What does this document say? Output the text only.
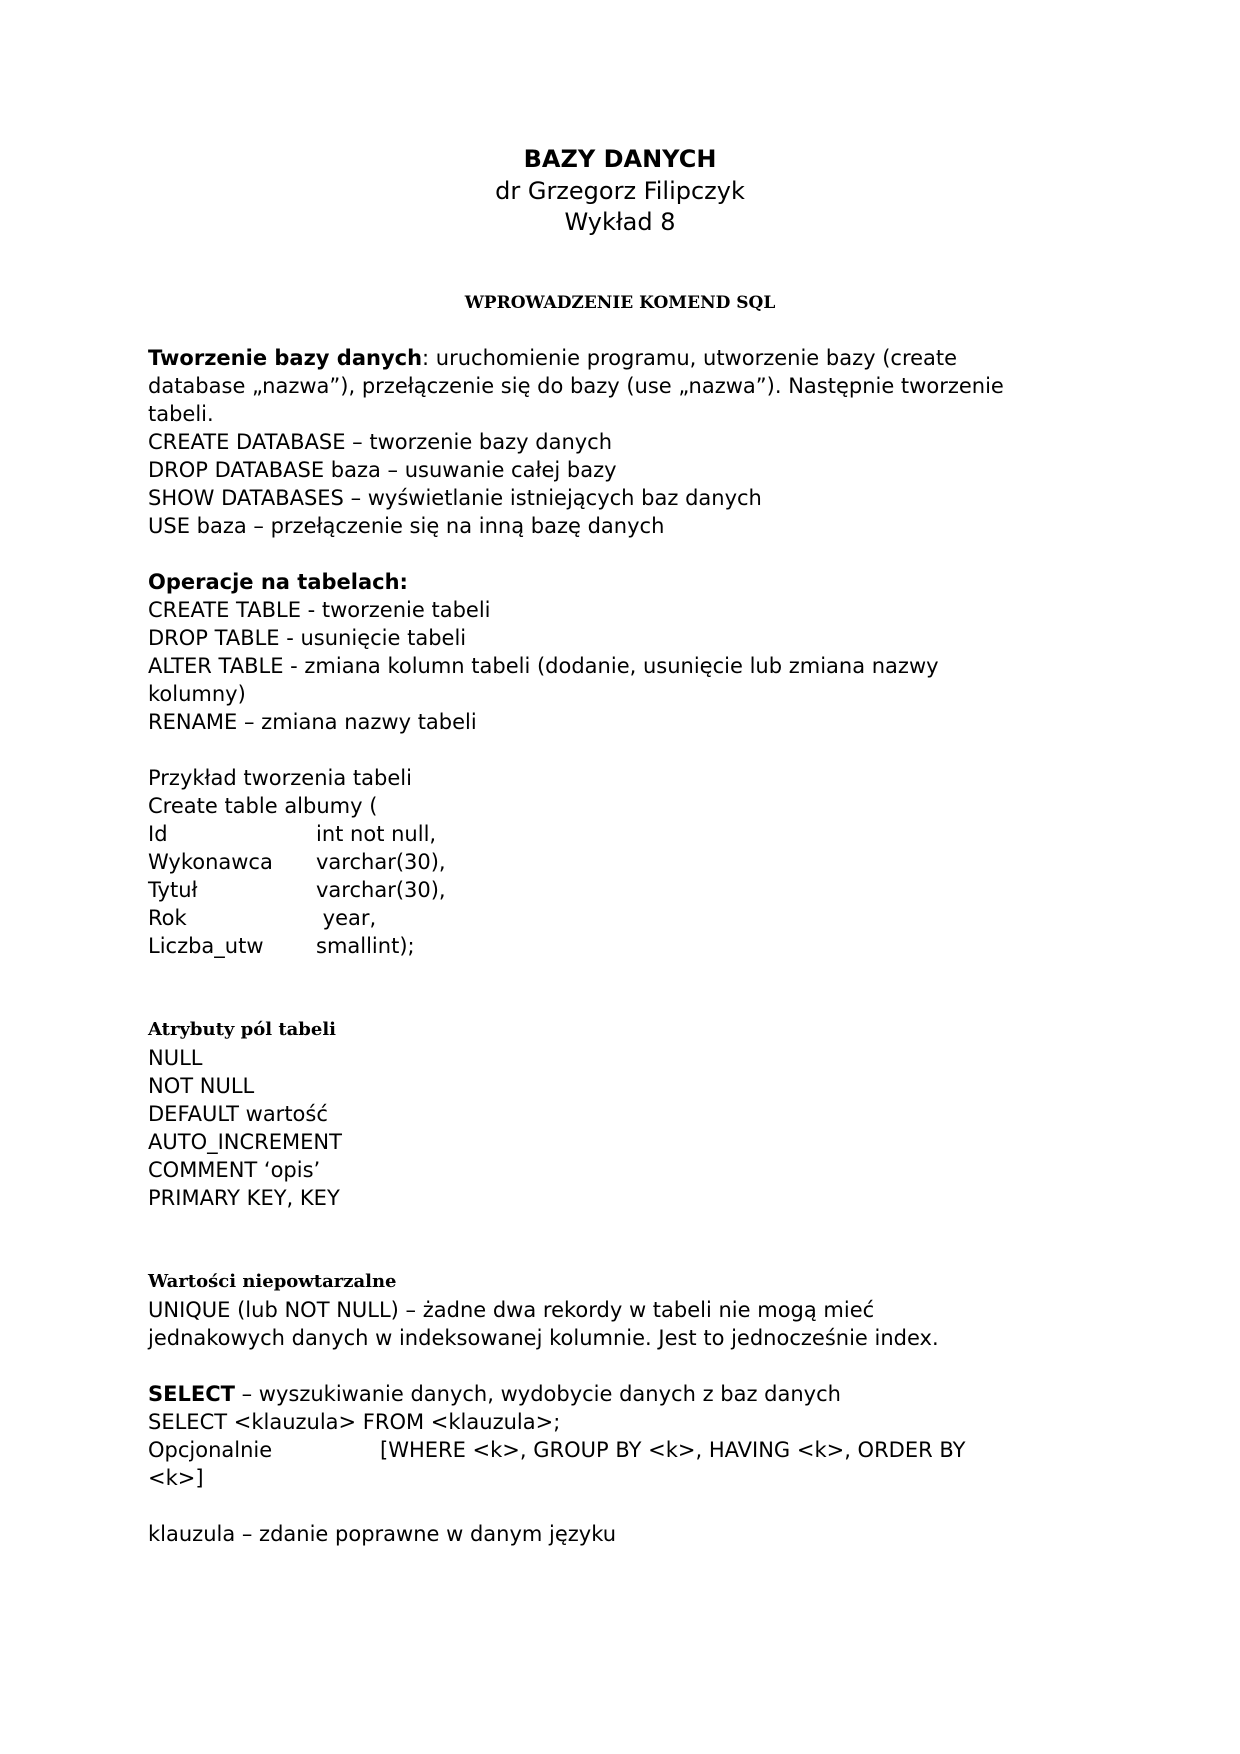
BAZY DANYCH
dr Grzegorz Filipczyk
Wykład 8
WPROWADZENIE KOMEND SQL
Tworzenie bazy danych: uruchomienie programu, utworzenie bazy (create
database „nazwa”), przełączenie się do bazy (use „nazwa”). Następnie tworzenie
tabeli.
CREATE DATABASE – tworzenie bazy danych
DROP DATABASE baza – usuwanie całej bazy
SHOW DATABASES – wyświetlanie istniejących baz danych
USE baza – przełączenie się na inną bazę danych
Operacje na tabelach:
CREATE TABLE - tworzenie tabeli
DROP TABLE - usunięcie tabeli
ALTER TABLE - zmiana kolumn tabeli (dodanie, usunięcie lub zmiana nazwy
kolumny)
RENAME – zmiana nazwy tabeli
Przykład tworzenia tabeli
Create table albumy (
Id	int not null,
Wykonawca varchar(30),
Tytuł	varchar(30),
Rok	year,
Liczba_utw smallint);
Atrybuty pól tabeli
NULL
NOT NULL
DEFAULT wartość
AUTO_INCREMENT
COMMENT ‘opis’
PRIMARY KEY, KEY
Wartości niepowtarzalne
UNIQUE (lub NOT NULL) – żadne dwa rekordy w tabeli nie mogą mieć
jednakowych danych w indeksowanej kolumnie. Jest to jednocześnie index.
SELECT – wyszukiwanie danych, wydobycie danych z baz danych
SELECT <klauzula> FROM <klauzula>;
Opcjonalnie	[WHERE <k>, GROUP BY <k>, HAVING <k>, ORDER BY
<k>]
klauzula – zdanie poprawne w danym języku
